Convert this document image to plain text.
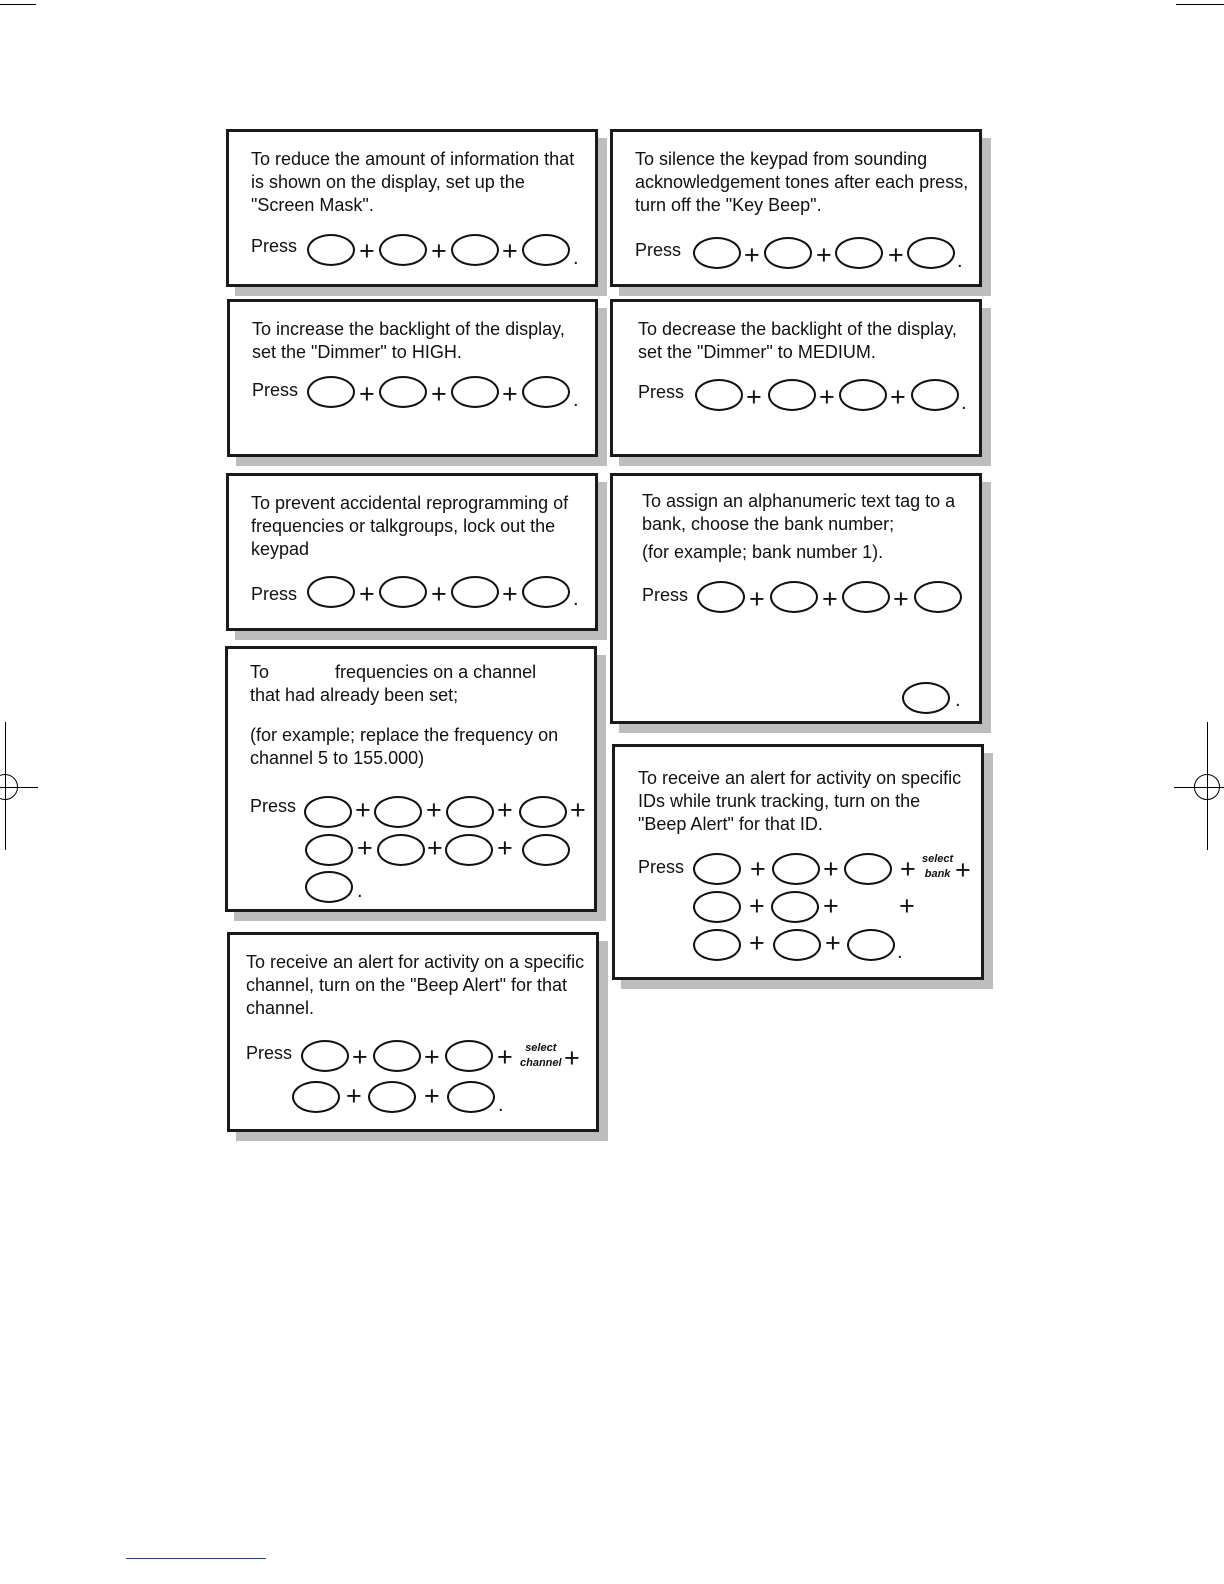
To reduce the amount of information that is shown on the display, set up the "Screen Mask".
Press + + +	.
To silence the keypad from sounding acknowledgement tones after each press, turn off the "Key Beep".
Press + + +	.
To increase the backlight of the display, set the "Dimmer" to HIGH.
Press + + +	.
To decrease the backlight of the display, set the "Dimmer" to MEDIUM.
Press + + +	.
To prevent accidental reprogramming of frequencies or talkgroups, lock out the keypad
Press + + +	.

To assign an alphanumeric text tag to a bank, choose the bank number;

(for example; bank number 1).

Press + + +
.

To	frequencies on a channel

that had already been set;

(for example; replace the frequency on channel 5 to 155.000)

Press + + + +
+ + +
.
To receive an alert for activity on specific IDs while trunk tracking, turn on the "Beep Alert" for that ID.
Press + + + select
bank +
+ + +
+ +	.
To receive an alert for activity on a specific channel, turn on the "Beep Alert" for that channel.
Press + + +	select
channel +
+ +	.
